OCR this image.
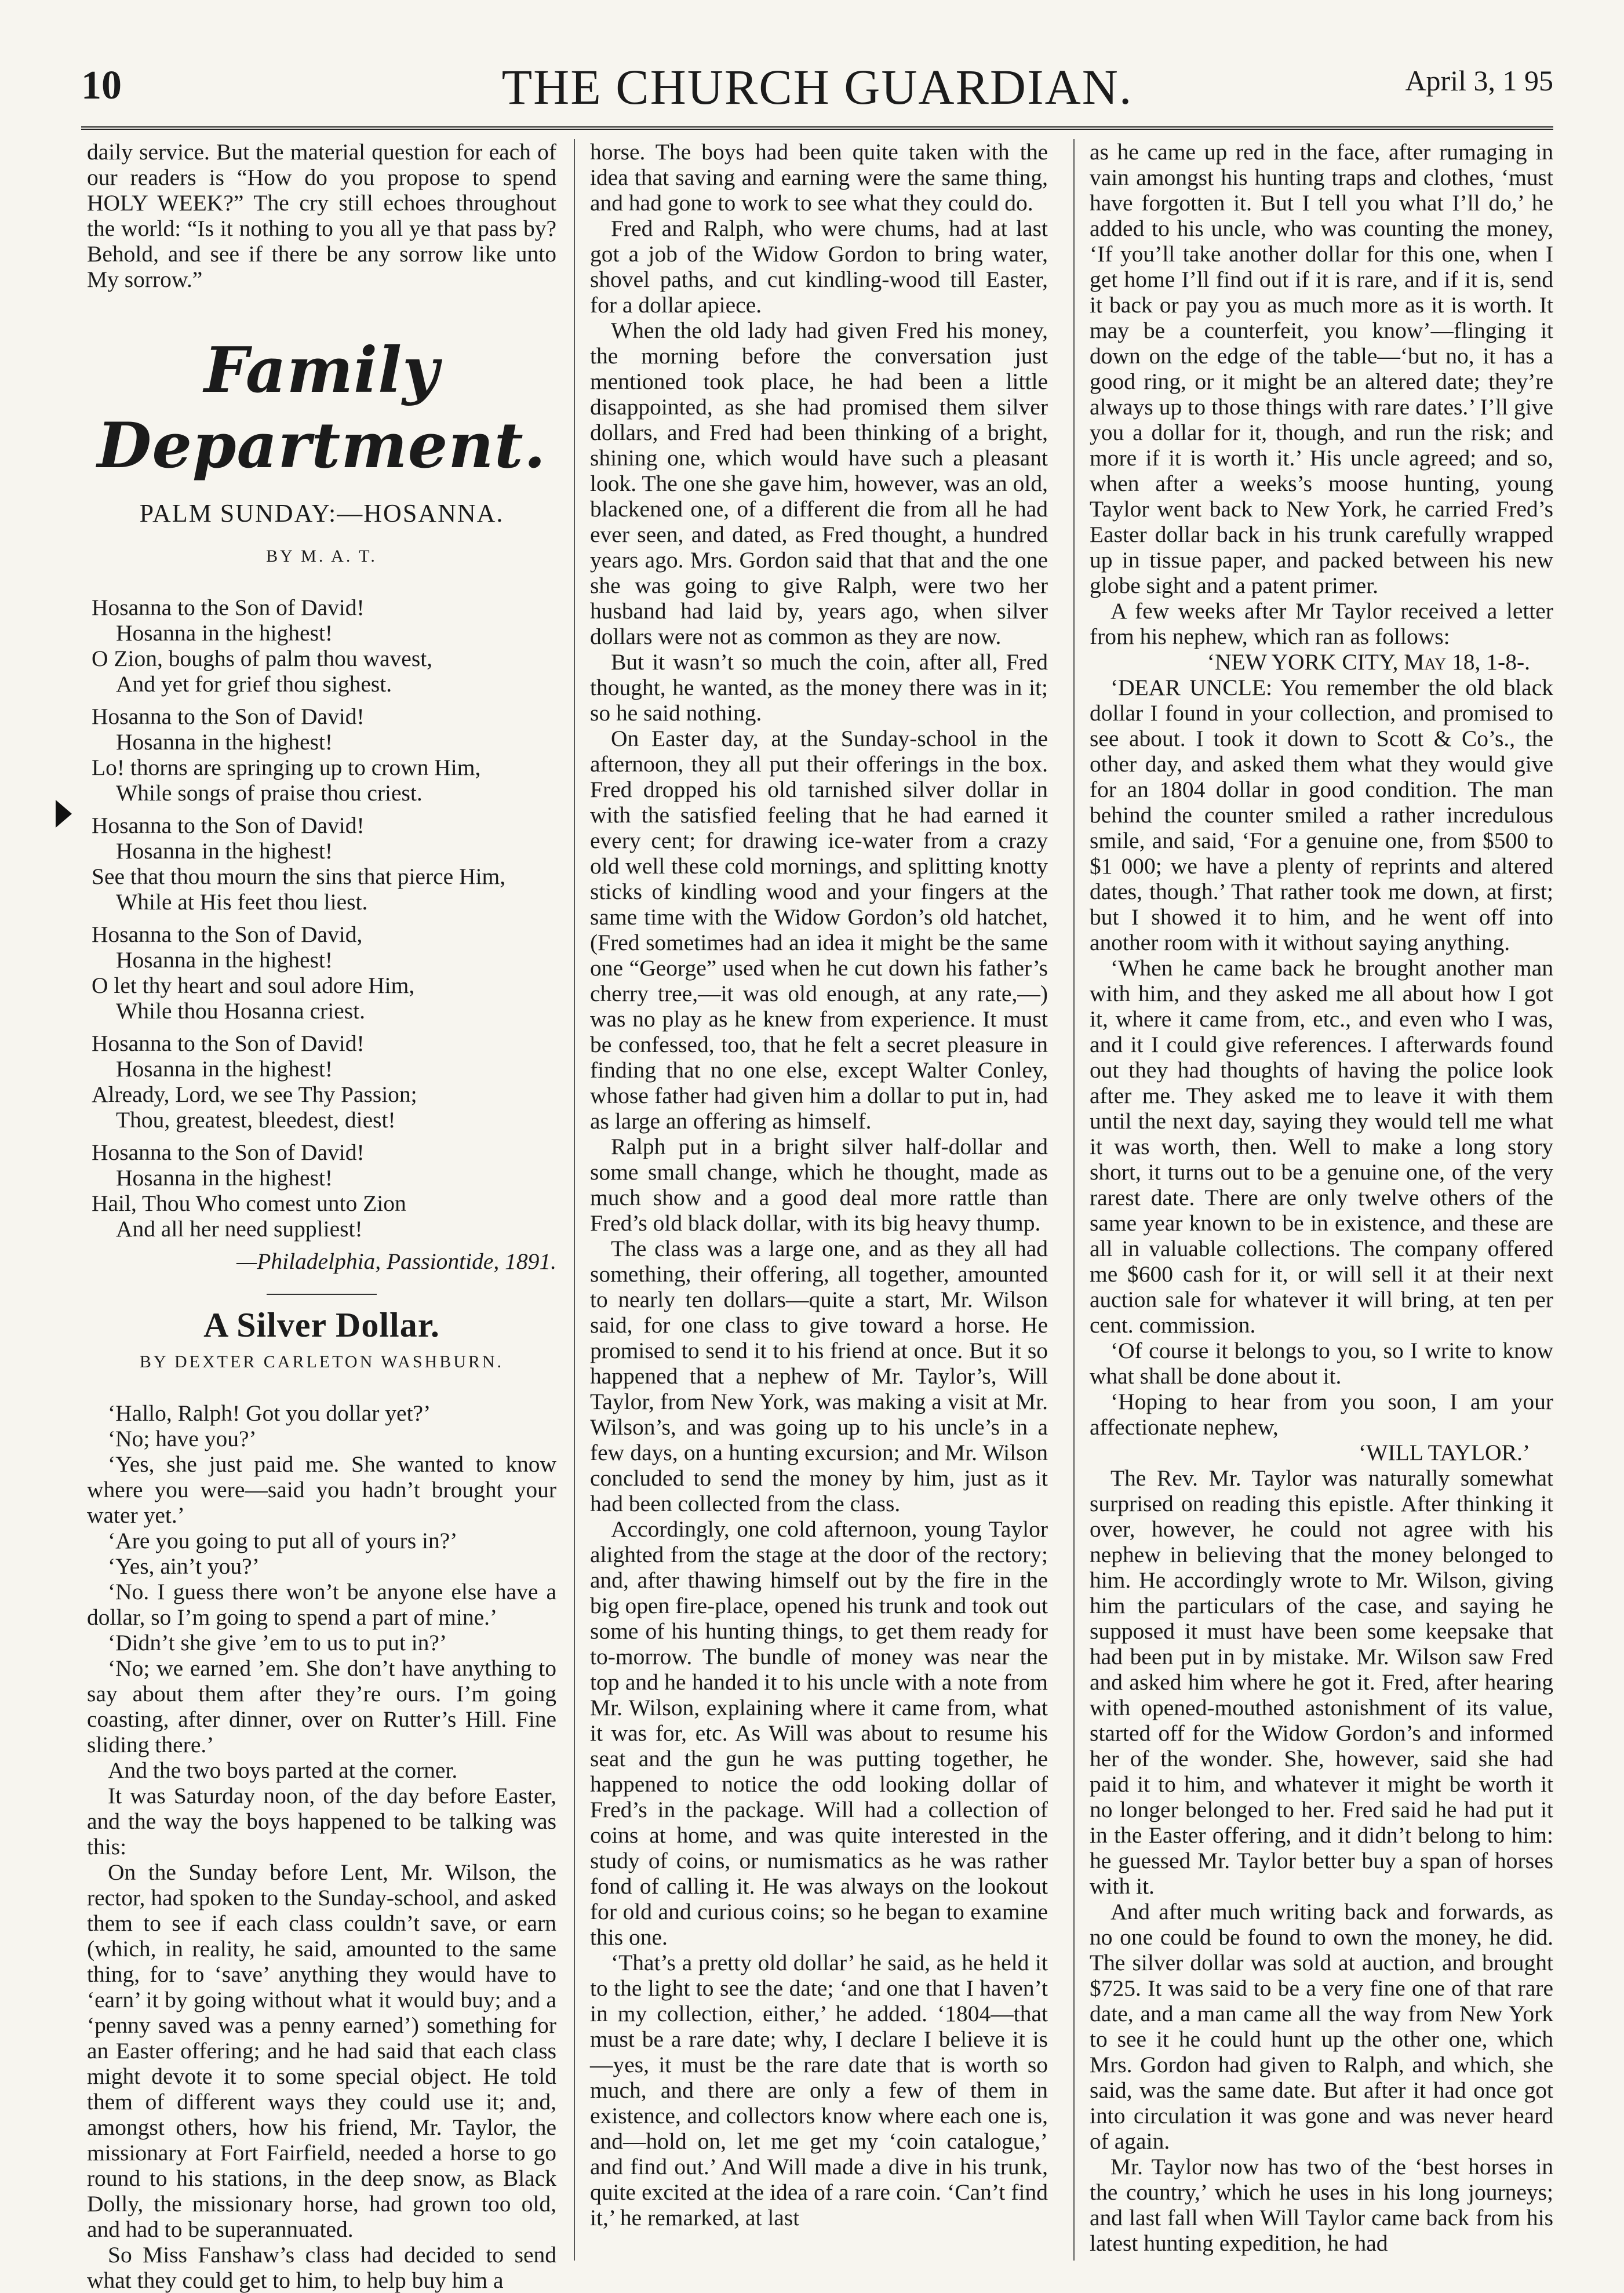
10	THE CHURCH GUARDIAN.	April 3, 1 95

daily service. But the material question for each of our readers is “How do you propose to spend HOLY WEEK?” The cry still echoes throughout the world: “Is it nothing to you all ye that pass by? Behold, and see if there be any sorrow like unto My sorrow.”

Family Department.
PALM SUNDAY:—HOSANNA.
BY M. A. T.
Hosanna to the Son of David!
Hosanna in the highest!
O Zion, boughs of palm thou wavest,
And yet for grief thou sighest.
Hosanna to the Son of David!
Hosanna in the highest!
Lo! thorns are springing up to crown Him,
While songs of praise thou criest.
Hosanna to the Son of David!
Hosanna in the highest!
See that thou mourn the sins that pierce Him,
While at His feet thou liest.
Hosanna to the Son of David,
Hosanna in the highest!
O let thy heart and soul adore Him,
While thou Hosanna criest.
Hosanna to the Son of David!
Hosanna in the highest!
Already, Lord, we see Thy Passion;
Thou, greatest, bleedest, diest!
Hosanna to the Son of David!
Hosanna in the highest!
Hail, Thou Who comest unto Zion
And all her need suppliest!
—Philadelphia, Passiontide, 1891.
A Silver Dollar.
BY DEXTER CARLETON WASHBURN.

‘Hallo, Ralph! Got you dollar yet?’

‘No; have you?’

‘Yes, she just paid me. She wanted to know where you were—said you hadn’t brought your water yet.’

‘Are you going to put all of yours in?’

‘Yes, ain’t you?’

‘No. I guess there won’t be anyone else have a dollar, so I’m going to spend a part of mine.’

‘Didn’t she give ’em to us to put in?’

‘No; we earned ’em. She don’t have anything to say about them after they’re ours. I’m going coasting, after dinner, over on Rutter’s Hill. Fine sliding there.’

And the two boys parted at the corner.

It was Saturday noon, of the day before Easter, and the way the boys happened to be talking was this:

On the Sunday before Lent, Mr. Wilson, the rector, had spoken to the Sunday-school, and asked them to see if each class couldn’t save, or earn (which, in reality, he said, amounted to the same thing, for to ‘save’ anything they would have to ‘earn’ it by going without what it would buy; and a ‘penny saved was a penny earned’) something for an Easter offering; and he had said that each class might devote it to some special object. He told them of different ways they could use it; and, amongst others, how his friend, Mr. Taylor, the missionary at Fort Fairfield, needed a horse to go round to his stations, in the deep snow, as Black Dolly, the missionary horse, had grown too old, and had to be superannuated.

So Miss Fanshaw’s class had decided to send what they could get to him, to help buy him a

horse. The boys had been quite taken with the idea that saving and earning were the same thing, and had gone to work to see what they could do.

Fred and Ralph, who were chums, had at last got a job of the Widow Gordon to bring water, shovel paths, and cut kindling-wood till Easter, for a dollar apiece.

When the old lady had given Fred his money, the morning before the conversation just mentioned took place, he had been a little disappointed, as she had promised them silver dollars, and Fred had been thinking of a bright, shining one, which would have such a pleasant look. The one she gave him, however, was an old, blackened one, of a different die from all he had ever seen, and dated, as Fred thought, a hundred years ago. Mrs. Gordon said that that and the one she was going to give Ralph, were two her husband had laid by, years ago, when silver dollars were not as common as they are now.

But it wasn’t so much the coin, after all, Fred thought, he wanted, as the money there was in it; so he said nothing.

On Easter day, at the Sunday-school in the afternoon, they all put their offerings in the box. Fred dropped his old tarnished silver dollar in with the satisfied feeling that he had earned it every cent; for drawing ice-water from a crazy old well these cold mornings, and splitting knotty sticks of kindling wood and your fingers at the same time with the Widow Gordon’s old hatchet, (Fred sometimes had an idea it might be the same one “George” used when he cut down his father’s cherry tree,—it was old enough, at any rate,—) was no play as he knew from experience. It must be confessed, too, that he felt a secret pleasure in finding that no one else, except Walter Conley, whose father had given him a dollar to put in, had as large an offering as himself.

Ralph put in a bright silver half-dollar and some small change, which he thought, made as much show and a good deal more rattle than Fred’s old black dollar, with its big heavy thump.

The class was a large one, and as they all had something, their offering, all together, amounted to nearly ten dollars—quite a start, Mr. Wilson said, for one class to give toward a horse. He promised to send it to his friend at once. But it so happened that a nephew of Mr. Taylor’s, Will Taylor, from New York, was making a visit at Mr. Wilson’s, and was going up to his uncle’s in a few days, on a hunting excursion; and Mr. Wilson concluded to send the money by him, just as it had been collected from the class.

Accordingly, one cold afternoon, young Taylor alighted from the stage at the door of the rectory; and, after thawing himself out by the fire in the big open fire-place, opened his trunk and took out some of his hunting things, to get them ready for to-morrow. The bundle of money was near the top and he handed it to his uncle with a note from Mr. Wilson, explaining where it came from, what it was for, etc. As Will was about to resume his seat and the gun he was putting together, he happened to notice the odd looking dollar of Fred’s in the package. Will had a collection of coins at home, and was quite interested in the study of coins, or numismatics as he was rather fond of calling it. He was always on the lookout for old and curious coins; so he began to examine this one.

‘That’s a pretty old dollar’ he said, as he held it to the light to see the date; ‘and one that I haven’t in my collection, either,’ he added. ‘1804—that must be a rare date; why, I declare I believe it is—yes, it must be the rare date that is worth so much, and there are only a few of them in existence, and collectors know where each one is, and—hold on, let me get my ‘coin catalogue,’ and find out.’ And Will made a dive in his trunk, quite excited at the idea of a rare coin. ‘Can’t find it,’ he remarked, at last

as he came up red in the face, after rumaging in vain amongst his hunting traps and clothes, ‘must have forgotten it. But I tell you what I’ll do,’ he added to his uncle, who was counting the money, ‘If you’ll take another dollar for this one, when I get home I’ll find out if it is rare, and if it is, send it back or pay you as much more as it is worth. It may be a counterfeit, you know’—flinging it down on the edge of the table—‘but no, it has a good ring, or it might be an altered date; they’re always up to those things with rare dates.’ I’ll give you a dollar for it, though, and run the risk; and more if it is worth it.’ His uncle agreed; and so, when after a weeks’s moose hunting, young Taylor went back to New York, he carried Fred’s Easter dollar back in his trunk carefully wrapped up in tissue paper, and packed between his new globe sight and a patent primer.

A few weeks after Mr Taylor received a letter from his nephew, which ran as follows:

‘NEW YORK CITY, May 18, 1-8-.

‘DEAR UNCLE: You remember the old black dollar I found in your collection, and promised to see about. I took it down to Scott & Co’s., the other day, and asked them what they would give for an 1804 dollar in good condition. The man behind the counter smiled a rather incredulous smile, and said, ‘For a genuine one, from $500 to $1 000; we have a plenty of reprints and altered dates, though.’ That rather took me down, at first; but I showed it to him, and he went off into another room with it without saying anything.

‘When he came back he brought another man with him, and they asked me all about how I got it, where it came from, etc., and even who I was, and it I could give references. I afterwards found out they had thoughts of having the police look after me. They asked me to leave it with them until the next day, saying they would tell me what it was worth, then. Well to make a long story short, it turns out to be a genuine one, of the very rarest date. There are only twelve others of the same year known to be in existence, and these are all in valuable collections. The company offered me $600 cash for it, or will sell it at their next auction sale for whatever it will bring, at ten per cent. commission.

‘Of course it belongs to you, so I write to know what shall be done about it.

‘Hoping to hear from you soon, I am your affectionate nephew,

‘WILL TAYLOR.’

The Rev. Mr. Taylor was naturally somewhat surprised on reading this epistle. After thinking it over, however, he could not agree with his nephew in believing that the money belonged to him. He accordingly wrote to Mr. Wilson, giving him the particulars of the case, and saying he supposed it must have been some keepsake that had been put in by mistake. Mr. Wilson saw Fred and asked him where he got it. Fred, after hearing with opened-mouthed astonishment of its value, started off for the Widow Gordon’s and informed her of the wonder. She, however, said she had paid it to him, and whatever it might be worth it no longer belonged to her. Fred said he had put it in the Easter offering, and it didn’t belong to him: he guessed Mr. Taylor better buy a span of horses with it.

And after much writing back and forwards, as no one could be found to own the money, he did. The silver dollar was sold at auction, and brought $725. It was said to be a very fine one of that rare date, and a man came all the way from New York to see it he could hunt up the other one, which Mrs. Gordon had given to Ralph, and which, she said, was the same date. But after it had once got into circulation it was gone and was never heard of again.

Mr. Taylor now has two of the ‘best horses in the country,’ which he uses in his long journeys; and last fall when Will Taylor came back from his latest hunting expedition, he had
